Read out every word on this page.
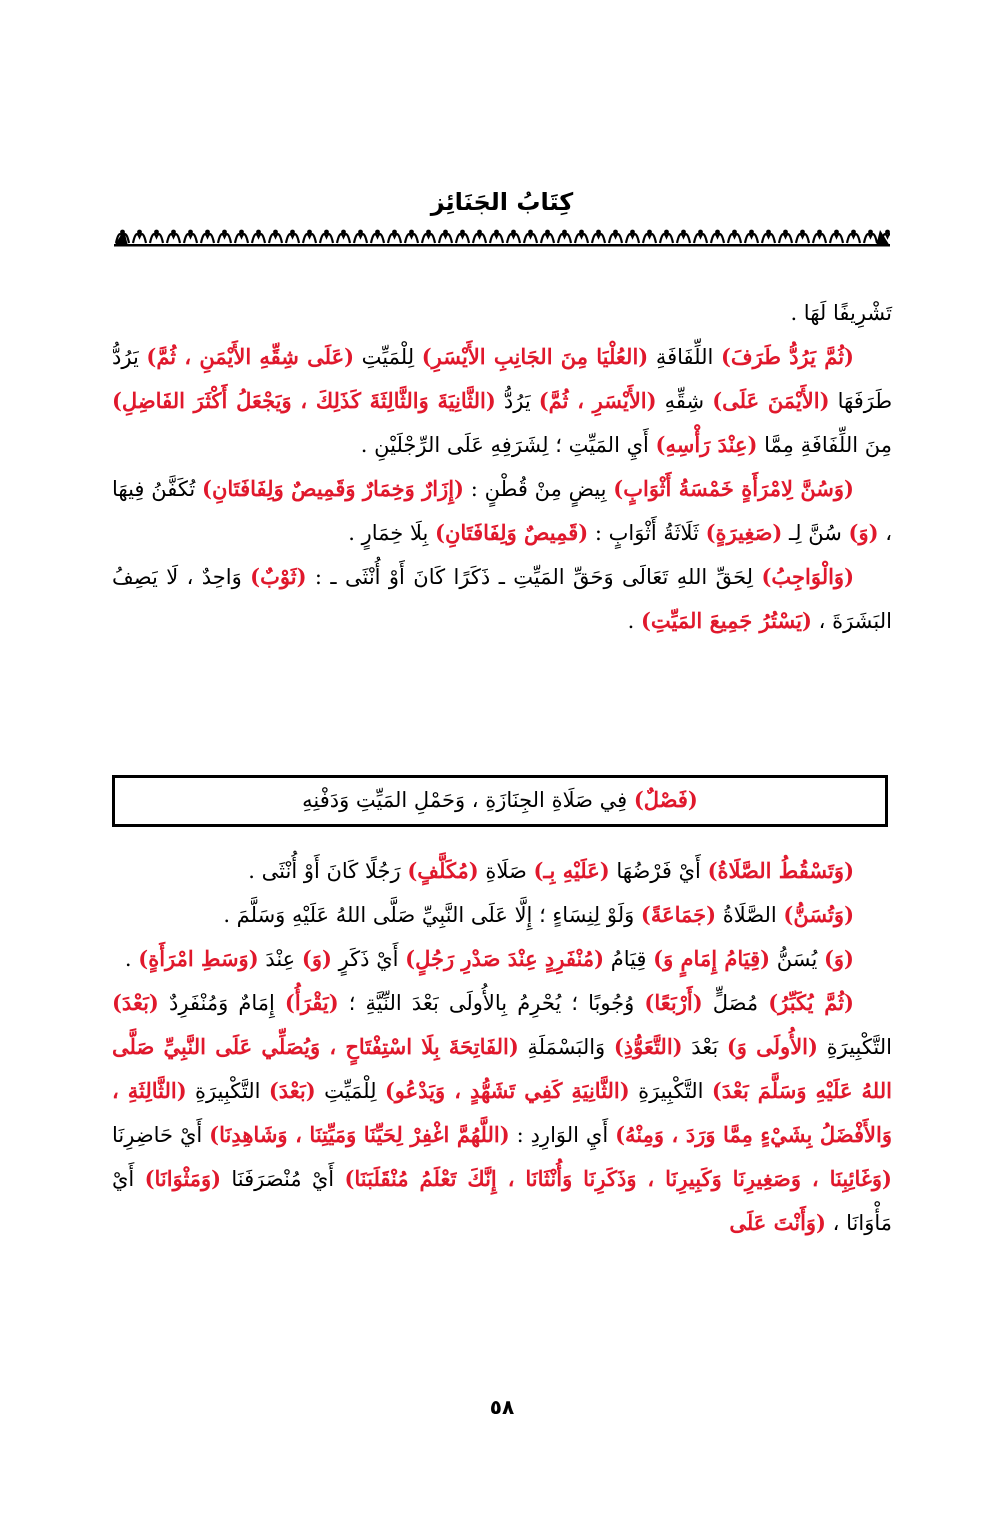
كِتَابُ الجَنَائِز

تَشْرِيفًا لَهَا .

(ثُمَّ يَرُدُّ طَرَفَ) اللِّفَافَةِ (العُلْيَا مِنَ الجَانِبِ الأَيْسَرِ) لِلْمَيِّتِ (عَلَى شِقِّهِ الأَيْمَنِ ، ثُمَّ) يَرُدُّ طَرَفَهَا (الأَيْمَنَ عَلَى) شِقِّهِ (الأَيْسَرِ ، ثُمَّ) يَرُدُّ (الثَّانِيَةَ وَالثَّالِثَةَ كَذَلِكَ ، وَيَجْعَلُ أَكْثَرَ الفَاضِلِ) مِنَ اللِّفَافَةِ مِمَّا (عِنْدَ رَأْسِهِ) أَيِ المَيِّتِ ؛ لِشَرَفِهِ عَلَى الرِّجْلَيْنِ .

(وَسُنَّ لِامْرَأَةٍ خَمْسَةُ أَثْوَابٍ) بِيضٍ مِنْ قُطْنٍ : (إِزَارٌ وَخِمَارٌ وَقَمِيصٌ وَلِفَافَتَانِ) تُكَفَّنُ فِيهَا ، (وَ) سُنَّ لِـ (صَغِيرَةٍ) ثَلَاثَةُ أَثْوَابٍ : (قَمِيصٌ وَلِفَافَتَانِ) بِلَا خِمَارٍ .

(وَالْوَاجِبُ) لِحَقِّ اللهِ تَعَالَى وَحَقِّ المَيِّتِ ـ ذَكَرًا كَانَ أَوْ أُنْثَى ـ : (ثَوْبٌ) وَاحِدٌ ، لَا يَصِفُ البَشَرَةَ ، (يَسْتُرُ جَمِيعَ المَيِّتِ) .

(فَصْلٌ) فِي صَلَاةِ الجِنَازَةِ ، وَحَمْلِ المَيِّتِ وَدَفْنِهِ

(وَتَسْقُطُ الصَّلَاةُ) أَيْ فَرْضُهَا (عَلَيْهِ بِـ) صَلَاةِ (مُكَلَّفٍ) رَجُلًا كَانَ أَوْ أُنْثَى .

(وَتُسَنُّ) الصَّلَاةُ (جَمَاعَةً) وَلَوْ لِنِسَاءٍ ؛ إِلَّا عَلَى النَّبِيِّ صَلَّى اللهُ عَلَيْهِ وَسَلَّمَ .

(وَ) يُسَنُّ (قِيَامُ إِمَامٍ وَ) قِيَامُ (مُنْفَرِدٍ عِنْدَ صَدْرِ رَجُلٍ) أَيْ ذَكَرٍ (وَ) عِنْدَ (وَسَطِ امْرَأَةٍ) .

(ثُمَّ يُكَبِّرُ) مُصَلٍّ (أَرْبَعًا) وُجُوبًا ؛ يُحْرِمُ بِالأُولَى بَعْدَ النِّيَّةِ ؛ (يَقْرَأُ) إِمَامٌ وَمُنْفَرِدٌ (بَعْدَ) التَّكْبِيرَةِ (الأُولَى وَ) بَعْدَ (التَّعَوُّذِ) وَالبَسْمَلَةِ (الفَاتِحَةَ بِلَا اسْتِفْتَاحٍ ، وَيُصَلِّي عَلَى النَّبِيِّ صَلَّى اللهُ عَلَيْهِ وَسَلَّمَ بَعْدَ) التَّكْبِيرَةِ (الثَّانِيَةِ كَفِي تَشَهُّدٍ ، وَيَدْعُو) لِلْمَيِّتِ (بَعْدَ) التَّكْبِيرَةِ (الثَّالِثَةِ ، وَالأَفْضَلُ بِشَيْءٍ مِمَّا وَرَدَ ، وَمِنْهُ) أَيِ الوَارِدِ : (اللَّهُمَّ اغْفِرْ لِحَيِّنَا وَمَيِّتِنَا ، وَشَاهِدِنَا) أَيْ حَاضِرِنَا (وَغَائِبِنَا ، وَصَغِيرِنَا وَكَبِيرِنَا ، وَذَكَرِنَا وَأُنْثَانَا ، إِنَّكَ تَعْلَمُ مُنْقَلَبَنَا) أَيْ مُنْصَرَفَنَا (وَمَثْوَانَا) أَيْ مَأْوَانَا ، (وَأَنْتَ عَلَى

٥٨
